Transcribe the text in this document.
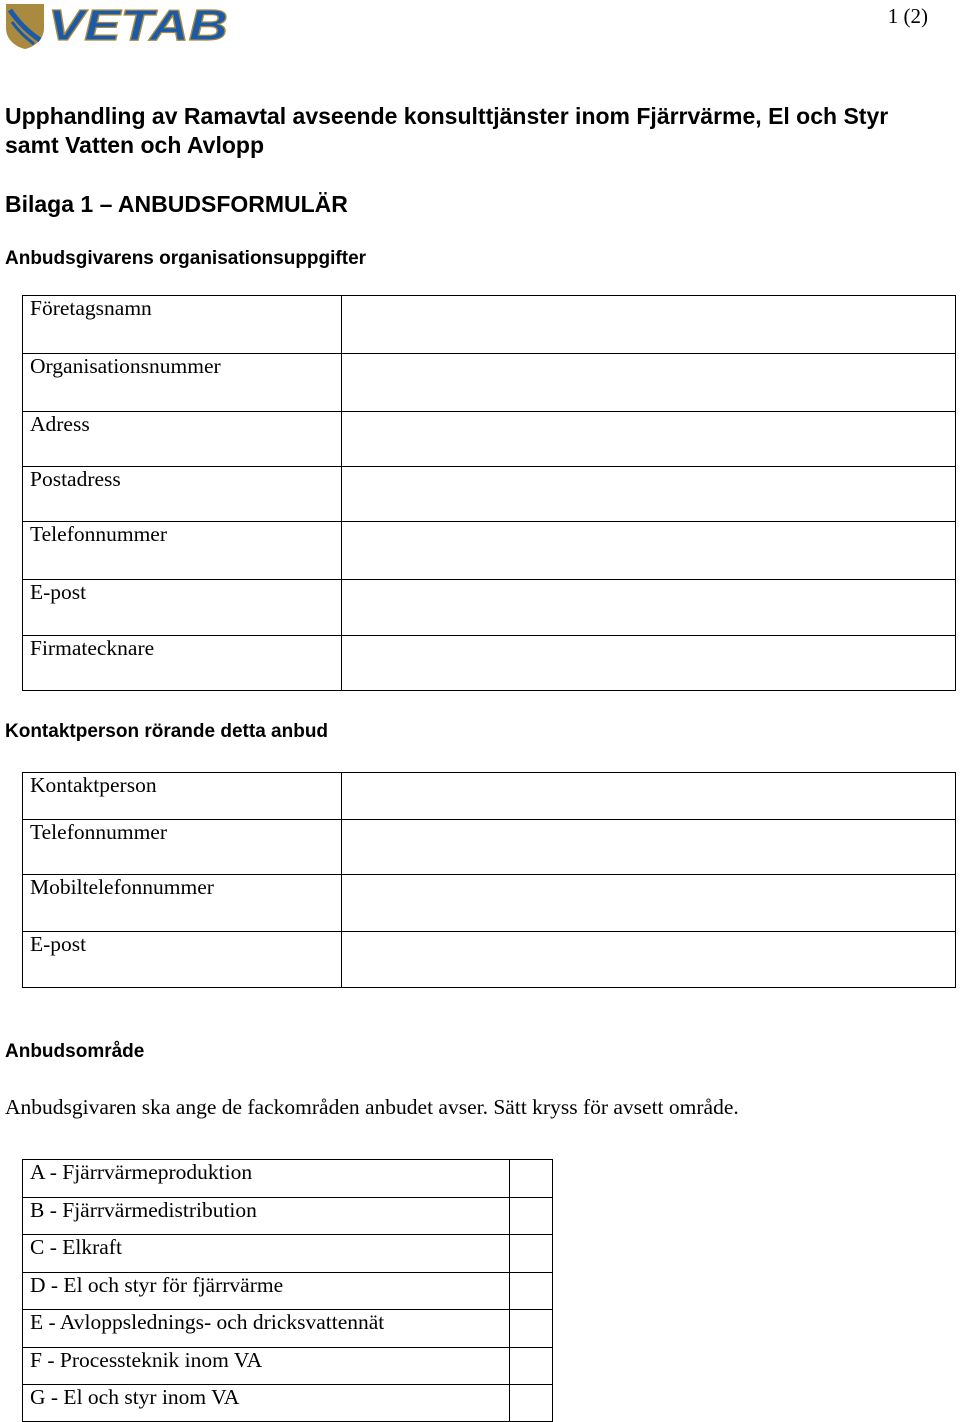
VETAB	1 (2)
Upphandling av Ramavtal avseende konsulttjänster inom Fjärrvärme, El och Styr samt Vatten och Avlopp
Bilaga 1 – ANBUDSFORMULÄR
Anbudsgivarens organisationsuppgifter
Företagsnamn	
Organisationsnummer	
Adress	
Postadress	
Telefonnummer	
E-post	
Firmatecknare	
Kontaktperson rörande detta anbud
Kontaktperson	
Telefonnummer	
Mobiltelefonnummer	
E-post	
Anbudsområde

Anbudsgivaren ska ange de fackområden anbudet avser. Sätt kryss för avsett område.

A - Fjärrvärmeproduktion	
B - Fjärrvärmedistribution	
C - Elkraft	
D - El och styr för fjärrvärme	
E - Avloppslednings- och dricksvattennät	
F - Processteknik inom VA	
G - El och styr inom VA	
